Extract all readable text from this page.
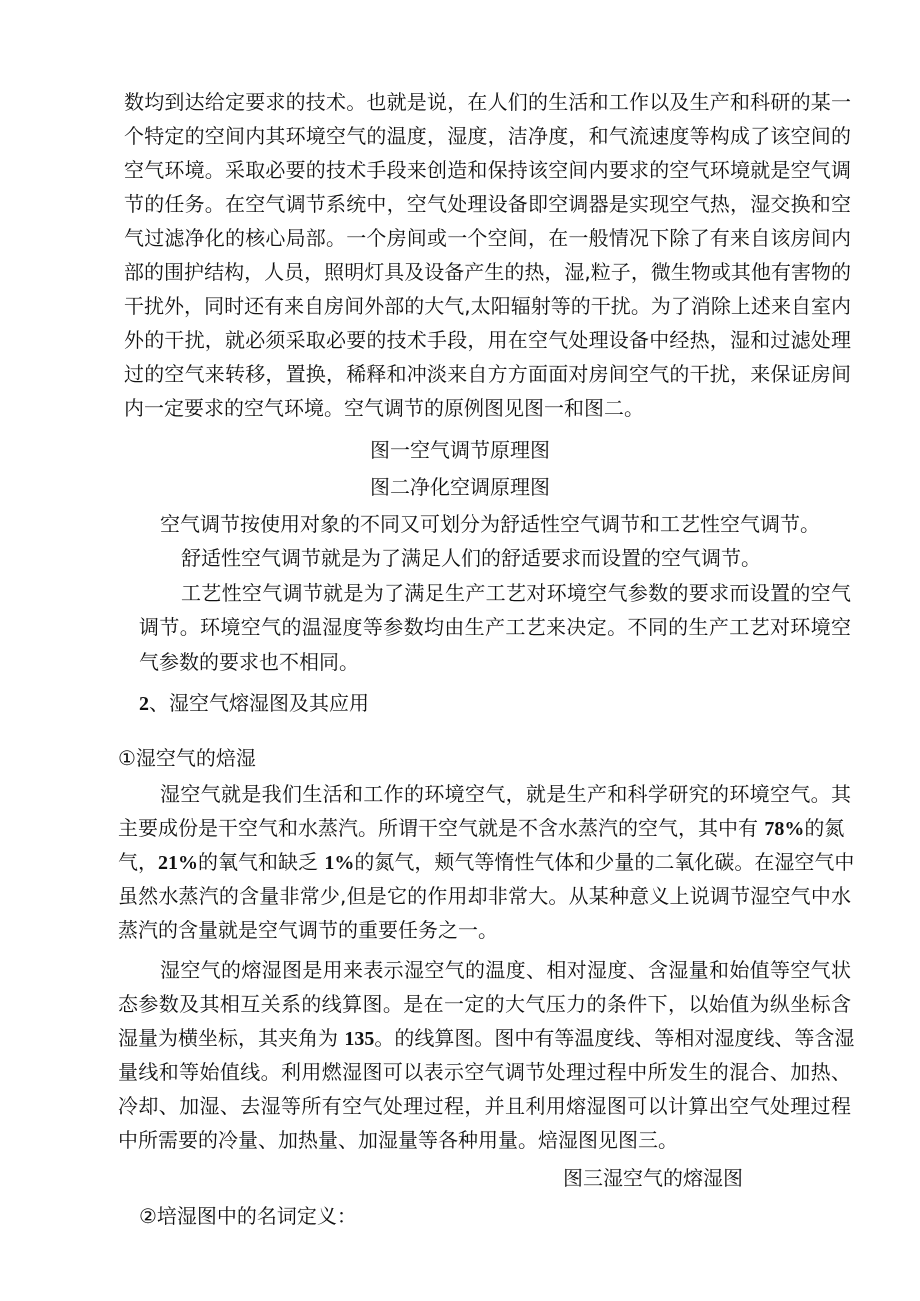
数均到达给定要求的技术。也就是说，在人们的生活和工作以及生产和科研的某一
个特定的空间内其环境空气的温度，湿度，洁净度，和气流速度等构成了该空间的
空气环境。采取必要的技术手段来创造和保持该空间内要求的空气环境就是空气调
节的任务。在空气调节系统中，空气处理设备即空调器是实现空气热，湿交换和空
气过滤净化的核心局部。一个房间或一个空间，在一般情况下除了有来自该房间内
部的围护结构，人员，照明灯具及设备产生的热，湿,粒子，微生物或其他有害物的
干扰外，同时还有来自房间外部的大气,太阳辐射等的干扰。为了消除上述来自室内
外的干扰，就必须采取必要的技术手段，用在空气处理设备中经热，湿和过滤处理
过的空气来转移，置换，稀释和冲淡来自方方面面对房间空气的干扰，来保证房间
内一定要求的空气环境。空气调节的原例图见图一和图二。
图一空气调节原理图
图二净化空调原理图
空气调节按使用对象的不同又可划分为舒适性空气调节和工艺性空气调节。
舒适性空气调节就是为了满足人们的舒适要求而设置的空气调节。
工艺性空气调节就是为了满足生产工艺对环境空气参数的要求而设置的空气
调节。环境空气的温湿度等参数均由生产工艺来决定。不同的生产工艺对环境空
气参数的要求也不相同。
2、湿空气熔湿图及其应用
①湿空气的焙湿
湿空气就是我们生活和工作的环境空气，就是生产和科学研究的环境空气。其
主要成份是干空气和水蒸汽。所谓干空气就是不含水蒸汽的空气，其中有 78%的氮
气，21%的氧气和缺乏 1%的氮气，颊气等惰性气体和少量的二氧化碳。在湿空气中
虽然水蒸汽的含量非常少,但是它的作用却非常大。从某种意义上说调节湿空气中水
蒸汽的含量就是空气调节的重要任务之一。
湿空气的熔湿图是用来表示湿空气的温度、相对湿度、含湿量和始值等空气状
态参数及其相互关系的线算图。是在一定的大气压力的条件下，以始值为纵坐标含
湿量为横坐标，其夹角为 135。的线算图。图中有等温度线、等相对湿度线、等含湿
量线和等始值线。利用燃湿图可以表示空气调节处理过程中所发生的混合、加热、
冷却、加湿、去湿等所有空气处理过程，并且利用熔湿图可以计算出空气处理过程
中所需要的冷量、加热量、加湿量等各种用量。焙湿图见图三。
图三湿空气的熔湿图
②培湿图中的名词定义：
